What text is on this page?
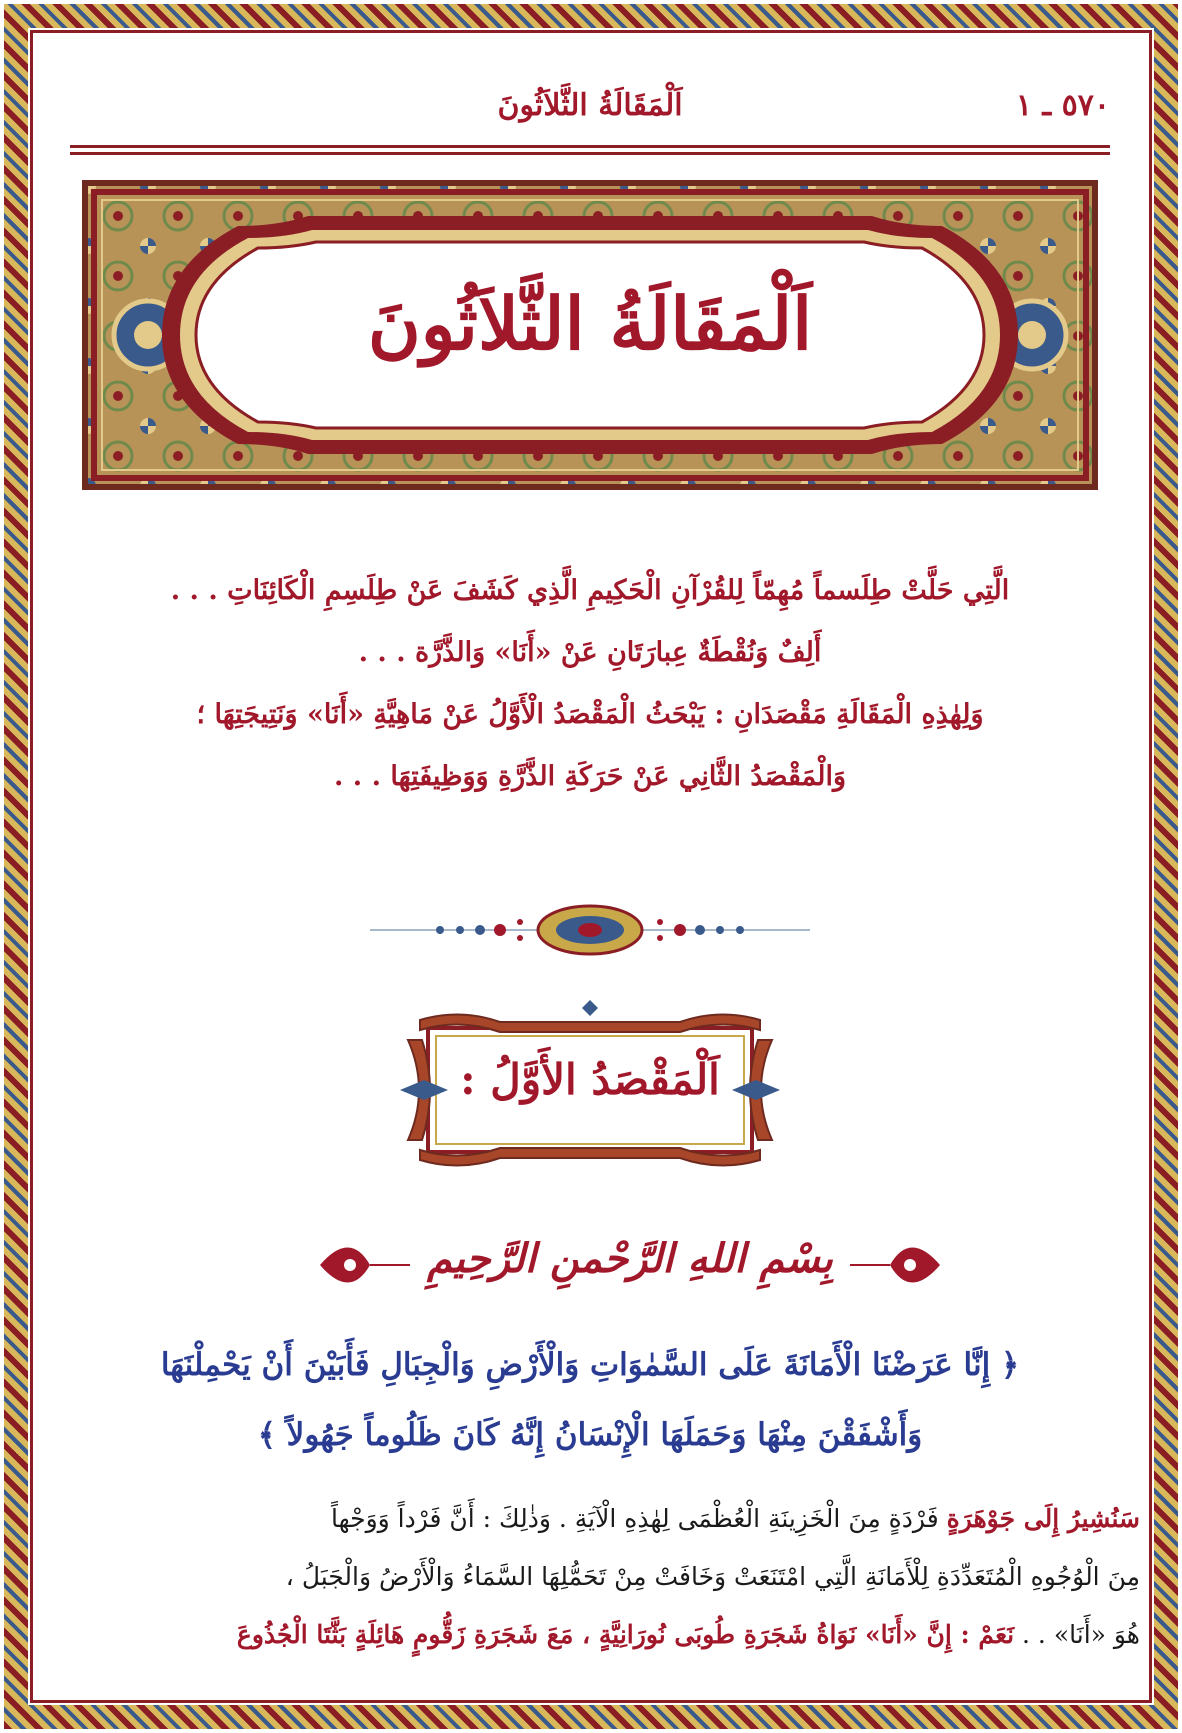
٥٧٠ ـ ١
اَلْمَقَالَةُ الثَّلاَثُونَ
اَلْمَقَالَةُ الثَّلاَثُونَ

الَّتِي حَلَّتْ طِلَسماً مُهِمّاً لِلقُرْآنِ الْحَكِيمِ الَّذِي كَشَفَ عَنْ طِلَسِمِ الْكَائِنَاتِ . . .

أَلِفٌ وَنُقْطَةٌ عِبارَتَانِ عَنْ «أَنَا» وَالذَّرَّة . . .

وَلِهٰذِهِ الْمَقَالَةِ مَقْصَدَانِ : يَبْحَثُ الْمَقْصَدُ الْأَوَّلُ عَنْ مَاهِيَّةِ «أَنَا» وَنَتِيجَتِهَا ؛

وَالْمَقْصَدُ الثَّانِي عَنْ حَرَكَةِ الذَّرَّةِ وَوَظِيفَتِهَا . . .

اَلْمَقْصَدُ الأَوَّلُ :
بِسْمِ اللهِ الرَّحْمنِ الرَّحِيمِ

﴿ إِنَّا عَرَضْنَا الْأَمَانَةَ عَلَى السَّمٰوَاتِ وَالْأَرْضِ وَالْجِبَالِ فَأَبَيْنَ أَنْ يَحْمِلْنَهَا

وَأَشْفَقْنَ مِنْهَا وَحَمَلَهَا الْإِنْسَانُ إِنَّهُ كَانَ ظَلُوماً جَهُولاً ﴾

سَنُشِيرُ إِلَى جَوْهَرَةٍ فَرْدَةٍ مِنَ الْخَزِينَةِ الْعُظْمَى لِهٰذِهِ الْآيَةِ . وَذٰلِكَ : أَنَّ فَرْداً وَوَجْهاً

مِنَ الْوُجُوهِ الْمُتَعَدِّدَةِ لِلْأَمَانَةِ الَّتِي امْتَنَعَتْ وَخَافَتْ مِنْ تَحَمُّلِهَا السَّمَاءُ وَالْأَرْضُ وَالْجَبَلُ ،

هُوَ «أَنَا» . . نَعَمْ : إِنَّ «أَنَا» نَوَاةُ شَجَرَةِ طُوبَى نُورَانِيَّةٍ ، مَعَ شَجَرَةِ زَقُّومٍ هَائِلَةٍ بَثَّتَا الْجُذُوعَ
